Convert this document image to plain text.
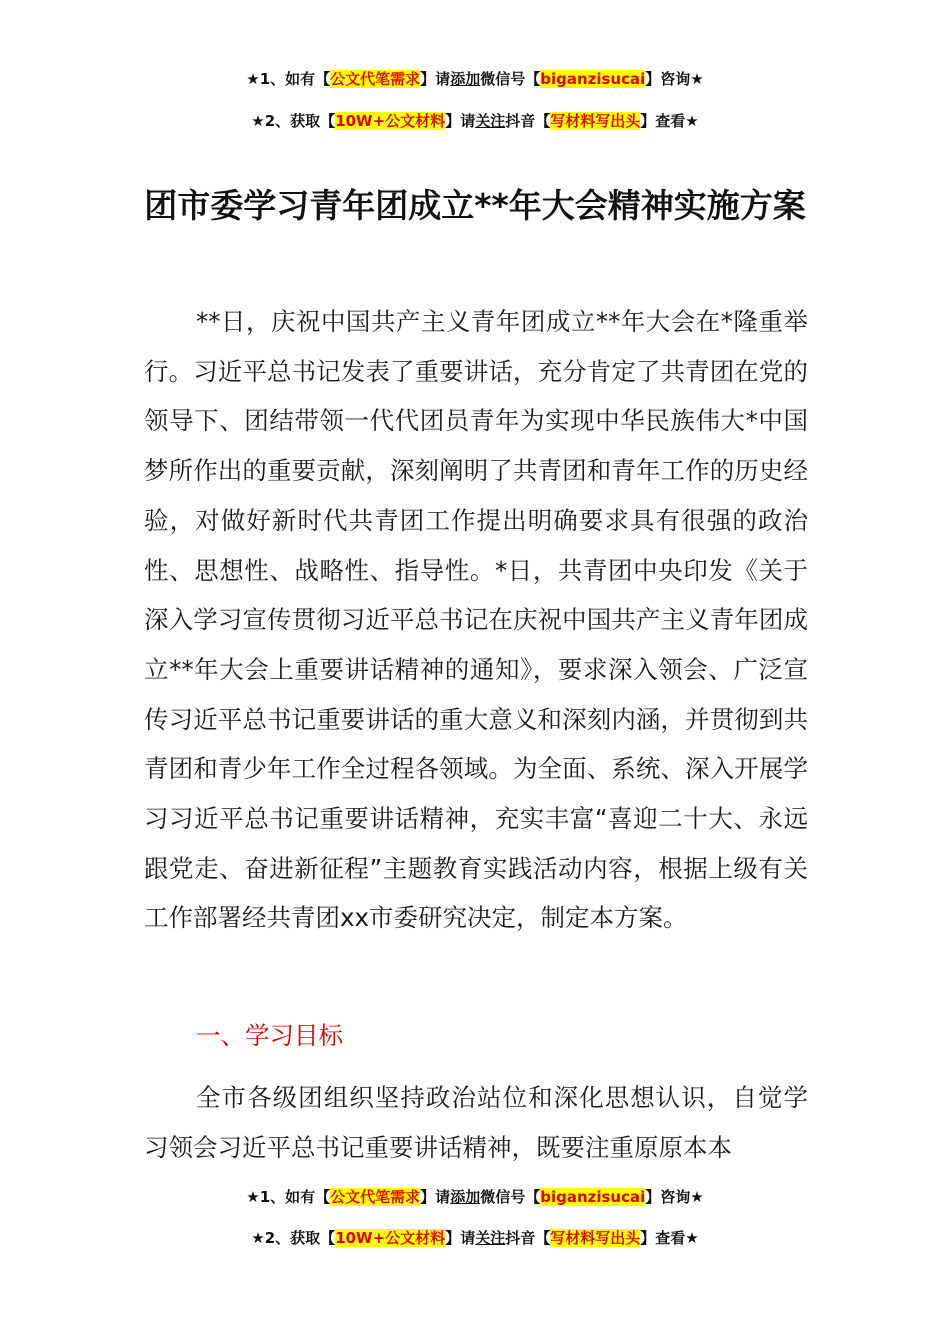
★1、如有【公文代笔需求】请添加微信号【biganzisucai】咨询★
★2、获取【10W+公文材料】请关注抖音【写材料写出头】查看★
团市委学习青年团成立**年大会精神实施方案
**日，庆祝中国共产主义青年团成立**年大会在*隆重举行。习近平总书记发表了重要讲话，充分肯定了共青团在党的领导下、团结带领一代代团员青年为实现中华民族伟大*中国梦所作出的重要贡献，深刻阐明了共青团和青年工作的历史经验，对做好新时代共青团工作提出明确要求具有很强的政治性、思想性、战略性、指导性。*日，共青团中央印发《关于深入学习宣传贯彻习近平总书记在庆祝中国共产主义青年团成立**年大会上重要讲话精神的通知》，要求深入领会、广泛宣传习近平总书记重要讲话的重大意义和深刻内涵，并贯彻到共青团和青少年工作全过程各领域。为全面、系统、深入开展学习习近平总书记重要讲话精神，充实丰富“喜迎二十大、永远跟党走、奋进新征程”主题教育实践活动内容，根据上级有关工作部署经共青团xx市委研究决定，制定本方案。
一、学习目标
全市各级团组织坚持政治站位和深化思想认识，自觉学习领会习近平总书记重要讲话精神，既要注重原原本本
★1、如有【公文代笔需求】请添加微信号【biganzisucai】咨询★
★2、获取【10W+公文材料】请关注抖音【写材料写出头】查看★
